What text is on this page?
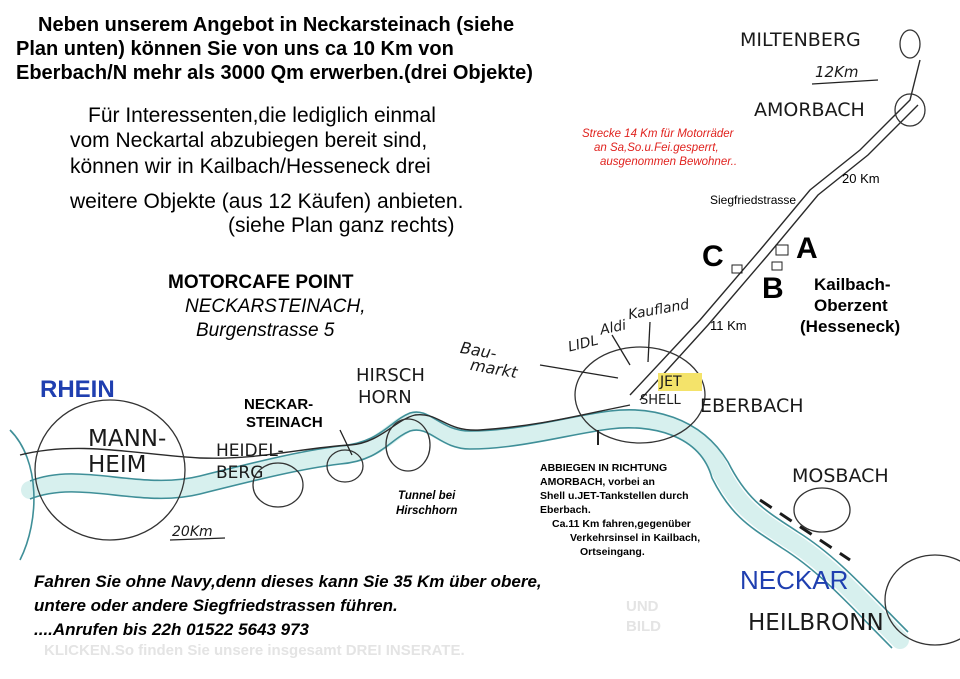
Neben unserem Angebot in Neckarsteinach (siehe
Plan unten) können Sie von uns ca 10 Km von
Eberbach/N mehr als 3000 Qm erwerben.(drei Objekte)
Für Interessenten,die lediglich einmal
vom Neckartal abzubiegen bereit sind,
können wir in Kailbach/Hesseneck drei
weitere Objekte (aus 12 Käufen) anbieten.
(siehe Plan ganz rechts)
MOTORCAFE POINT
NECKARSTEINACH,
Burgenstrasse 5
MILTENBERG
12Km
AMORBACH
20 Km
Siegfriedstrasse
Strecke 14 Km für Motorräder
an Sa,So.u.Fei.gesperrt,
ausgenommen Bewohner..
A
B
C
Kailbach-
Oberzent
(Hesseneck)
11 Km
Kaufland
Aldi
LIDL
Bau-
markt
JET
SHELL EBERBACH
MOSBACH
ABBIEGEN IN RICHTUNG
AMORBACH, vorbei an
Shell u.JET-Tankstellen durch
Eberbach.
Ca.11 Km fahren,gegenüber
Verkehrsinsel in Kailbach,
Ortseingang.
RHEIN
MANN-
HEIM
HEIDEL-
BERG
NECKAR-
STEINACH
HIRSCH
HORN
Tunnel bei
Hirschhorn
20Km
NECKAR
HEILBRONN
UND
BILD
KLICKEN.So finden Sie unsere insgesamt DREI INSERATE.
Fahren Sie ohne Navy,denn dieses kann Sie 35 Km über obere,
untere oder andere Siegfriedstrassen führen.
....Anrufen bis 22h 01522 5643 973
